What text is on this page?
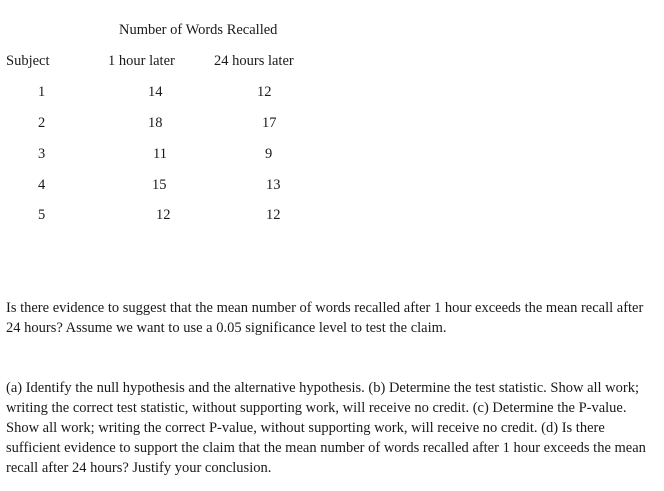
Number of Words Recalled
Subject	1 hour later	24 hours later
1	14	12
2	18	17
3	11	9
4	15	13
5	12	12

Is there evidence to suggest that the mean number of words recalled after 1 hour exceeds the mean recall after 24 hours? Assume we want to use a 0.05 significance level to test the claim.

(a) Identify the null hypothesis and the alternative hypothesis. (b) Determine the test statistic. Show all work; writing the correct test statistic, without supporting work, will receive no credit. (c) Determine the P-value. Show all work; writing the correct P-value, without supporting work, will receive no credit. (d) Is there sufficient evidence to support the claim that the mean number of words recalled after 1 hour exceeds the mean recall after 24 hours? Justify your conclusion.
